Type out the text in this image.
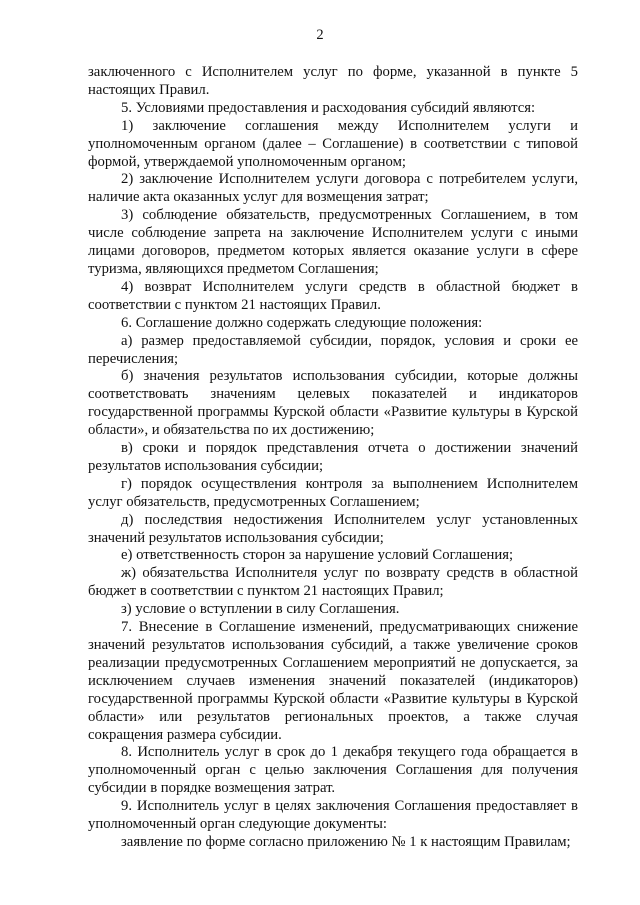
2

заключенного с Исполнителем услуг по форме, указанной в пункте 5 настоящих Правил.

5. Условиями предоставления и расходования субсидий являются:

1) заключение соглашения между Исполнителем услуги и уполномоченным органом (далее – Соглашение) в соответствии с типовой формой, утверждаемой уполномоченным органом;

2) заключение Исполнителем услуги договора с потребителем услуги, наличие акта оказанных услуг для возмещения затрат;

3) соблюдение обязательств, предусмотренных Соглашением, в том числе соблюдение запрета на заключение Исполнителем услуги с иными лицами договоров, предметом которых является оказание услуги в сфере туризма, являющихся предметом Соглашения;

4) возврат Исполнителем услуги средств в областной бюджет в соответствии с пунктом 21 настоящих Правил.

6. Соглашение должно содержать следующие положения:

а) размер предоставляемой субсидии, порядок, условия и сроки ее перечисления;

б) значения результатов использования субсидии, которые должны соответствовать значениям целевых показателей и индикаторов государственной программы Курской области «Развитие культуры в Курской области», и обязательства по их достижению;

в) сроки и порядок представления отчета о достижении значений результатов использования субсидии;

г) порядок осуществления контроля за выполнением Исполнителем услуг обязательств, предусмотренных Соглашением;

д) последствия недостижения Исполнителем услуг установленных значений результатов использования субсидии;

е) ответственность сторон за нарушение условий Соглашения;

ж) обязательства Исполнителя услуг по возврату средств в областной бюджет в соответствии с пунктом 21 настоящих Правил;

з) условие о вступлении в силу Соглашения.

7. Внесение в Соглашение изменений, предусматривающих снижение значений результатов использования субсидий, а также увеличение сроков реализации предусмотренных Соглашением мероприятий не допускается, за исключением случаев изменения значений показателей (индикаторов) государственной программы Курской области «Развитие культуры в Курской области» или результатов региональных проектов, а также случая сокращения размера субсидии.

8. Исполнитель услуг в срок до 1 декабря текущего года обращается в уполномоченный орган с целью заключения Соглашения для получения субсидии в порядке возмещения затрат.

9. Исполнитель услуг в целях заключения Соглашения предоставляет в уполномоченный орган следующие документы:

заявление по форме согласно приложению № 1 к настоящим Правилам;
